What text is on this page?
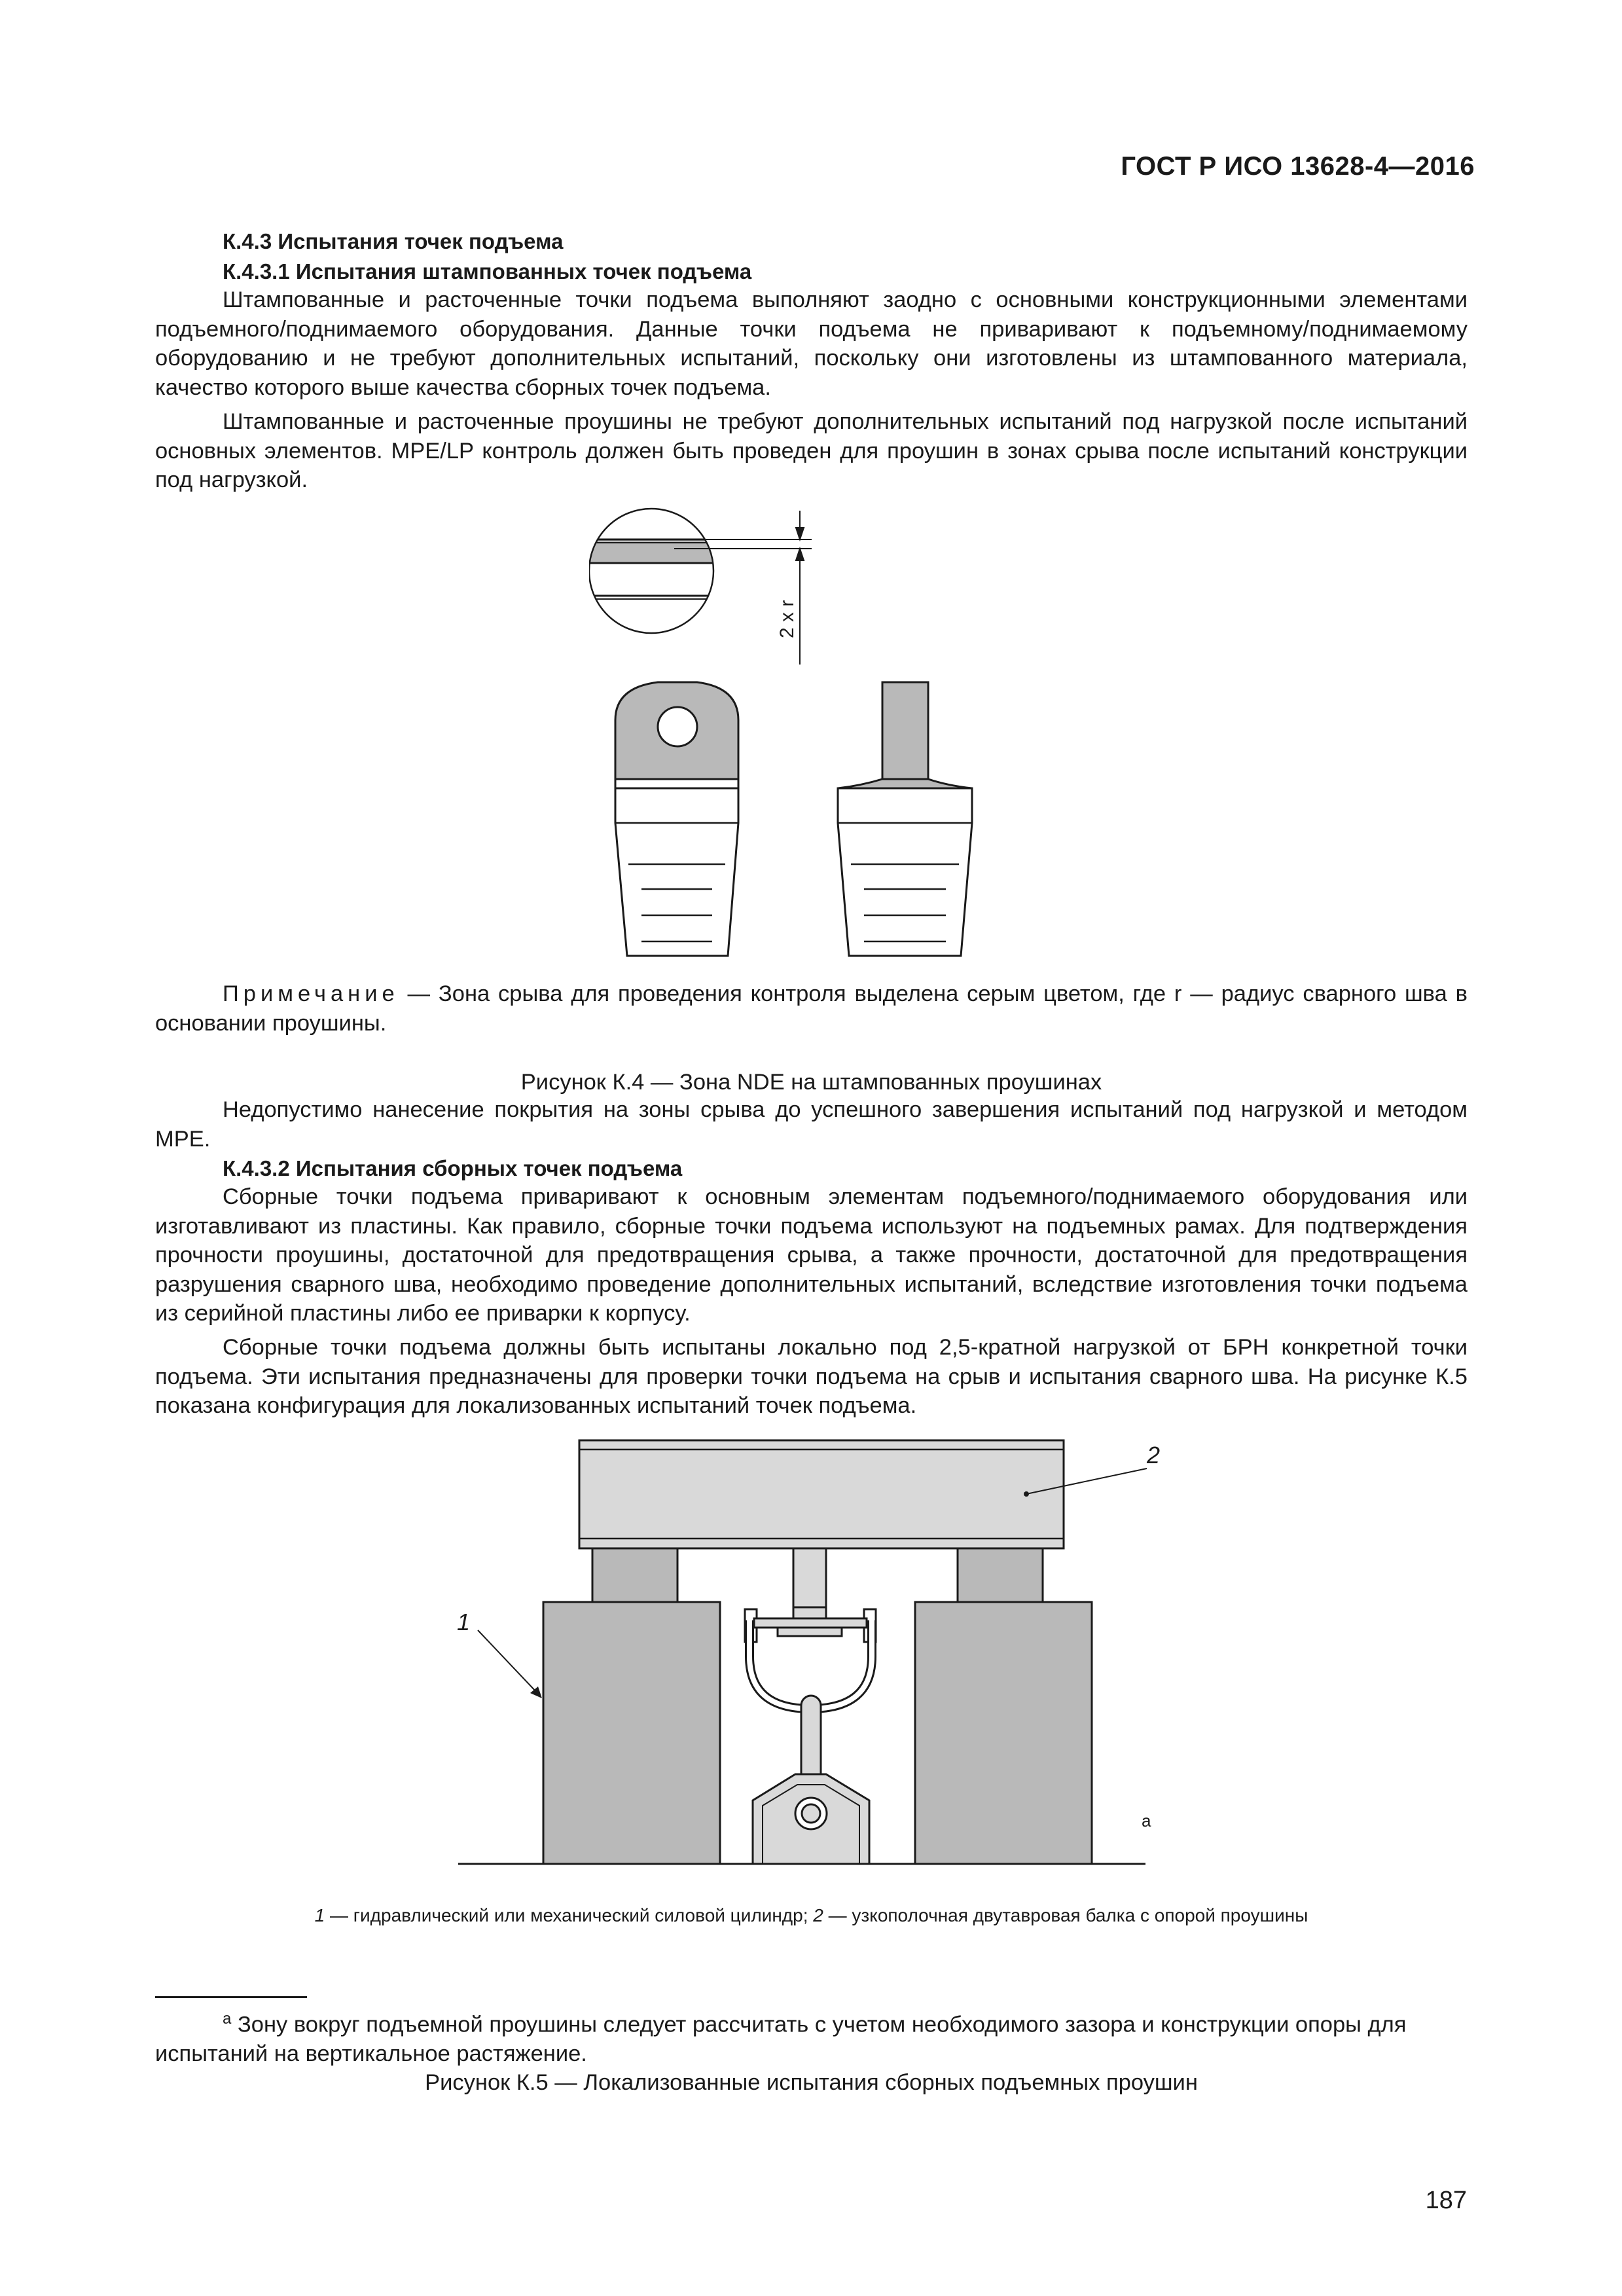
ГОСТ Р ИСО 13628-4—2016
К.4.3 Испытания точек подъема
К.4.3.1 Испытания штампованных точек подъема

Штампованные и расточенные точки подъема выполняют заодно с основными конструкционными элементами подъемного/поднимаемого оборудования. Данные точки подъема не приваривают к подъемному/поднимаемому оборудованию и не требуют дополнительных испытаний, поскольку они изготовлены из штампованного материала, качество которого выше качества сборных точек подъема.

Штампованные и расточенные проушины не требуют дополнительных испытаний под нагрузкой после испытаний основных элементов. MPE/LP контроль должен быть проведен для проушин в зонах срыва после испытаний конструкции под нагрузкой.

2 x r

Примечание — Зона срыва для проведения контроля выделена серым цветом, где r — радиус сварного шва в основании проушины.

Рисунок К.4 — Зона NDE на штампованных проушинах

Недопустимо нанесение покрытия на зоны срыва до успешного завершения испытаний под нагрузкой и методом MPE.

К.4.3.2 Испытания сборных точек подъема

Сборные точки подъема приваривают к основным элементам подъемного/поднимаемого оборудования или изготавливают из пластины. Как правило, сборные точки подъема используют на подъемных рамах. Для подтверждения прочности проушины, достаточной для предотвращения срыва, а также прочности, достаточной для предотвращения разрушения сварного шва, необходимо проведение дополнительных испытаний, вследствие изготовления точки подъема из серийной пластины либо ее приварки к корпусу.

Сборные точки подъема должны быть испытаны локально под 2,5-кратной нагрузкой от БРН конкретной точки подъема. Эти испытания предназначены для проверки точки подъема на срыв и испытания сварного шва. На рисунке К.5 показана конфигурация для локализованных испытаний точек подъема.

2
1
a
1 — гидравлический или механический силовой цилиндр; 2 — узкополочная двутавровая балка с опорой проушины

$^a$ Зону вокруг подъемной проушины следует рассчитать с учетом необходимого зазора и конструкции опоры для испытаний на вертикальное растяжение.

Рисунок К.5 — Локализованные испытания сборных подъемных проушин
187
